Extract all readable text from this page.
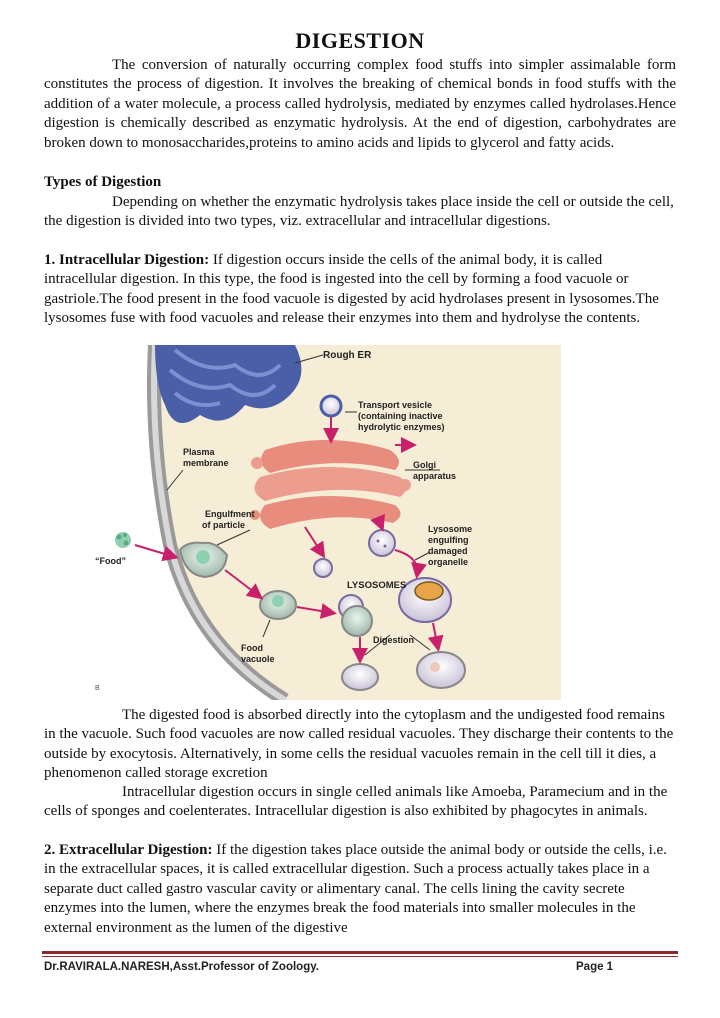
DIGESTION

The conversion of naturally occurring complex food stuffs into simpler assimalable form constitutes the process of digestion. It involves the breaking of chemical bonds in food stuffs with the addition of a water molecule, a process called hydrolysis, mediated by enzymes called hydrolases.Hence digestion is chemically described as enzymatic hydrolysis. At the end of digestion, carbohydrates are broken down to monosaccharides,proteins to amino acids and lipids to glycerol and fatty acids.

Types of Digestion

Depending on whether the enzymatic hydrolysis takes place inside the cell or outside the cell, the digestion is divided into two types, viz. extracellular and intracellular digestions.

1. Intracellular Digestion: If digestion occurs inside the cells of the animal body, it is called intracellular digestion. In this type, the food is ingested into the cell by forming a food vacuole or gastriole.The food present in the food vacuole is digested by acid hydrolases present in lysosomes.The lysosomes fuse with food vacuoles and release their enzymes into them and hydrolyse the contents.

Rough ER
Transport vesicle
(containing inactive
hydrolytic enzymes)
Plasma
membrane	Golgi
apparatus
Engulfment
of particle	Lysosome
engulfing
damaged
organelle
“Food”
LYSOSOMES
Food
vacuole
Digestion
B

The digested food is absorbed directly into the cytoplasm and the undigested food remains in the vacuole. Such food vacuoles are now called residual vacuoles. They discharge their contents to the outside by exocytosis. Alternatively, in some cells the residual vacuoles remain in the cell till it dies, a phenomenon called storage excretion

Intracellular digestion occurs in single celled animals like Amoeba, Paramecium and in the cells of sponges and coelenterates. Intracellular digestion is also exhibited by phagocytes in animals.

2. Extracellular Digestion: If the digestion takes place outside the animal body or outside the cells, i.e. in the extracellular spaces, it is called extracellular digestion. Such a process actually takes place in a separate duct called gastro vascular cavity or alimentary canal. The cells lining the cavity secrete enzymes into the lumen, where the enzymes break the food materials into smaller molecules in the external environment as the lumen of the digestive

Dr.RAVIRALA.NARESH,Asst.Professor of Zoology.	Page 1
